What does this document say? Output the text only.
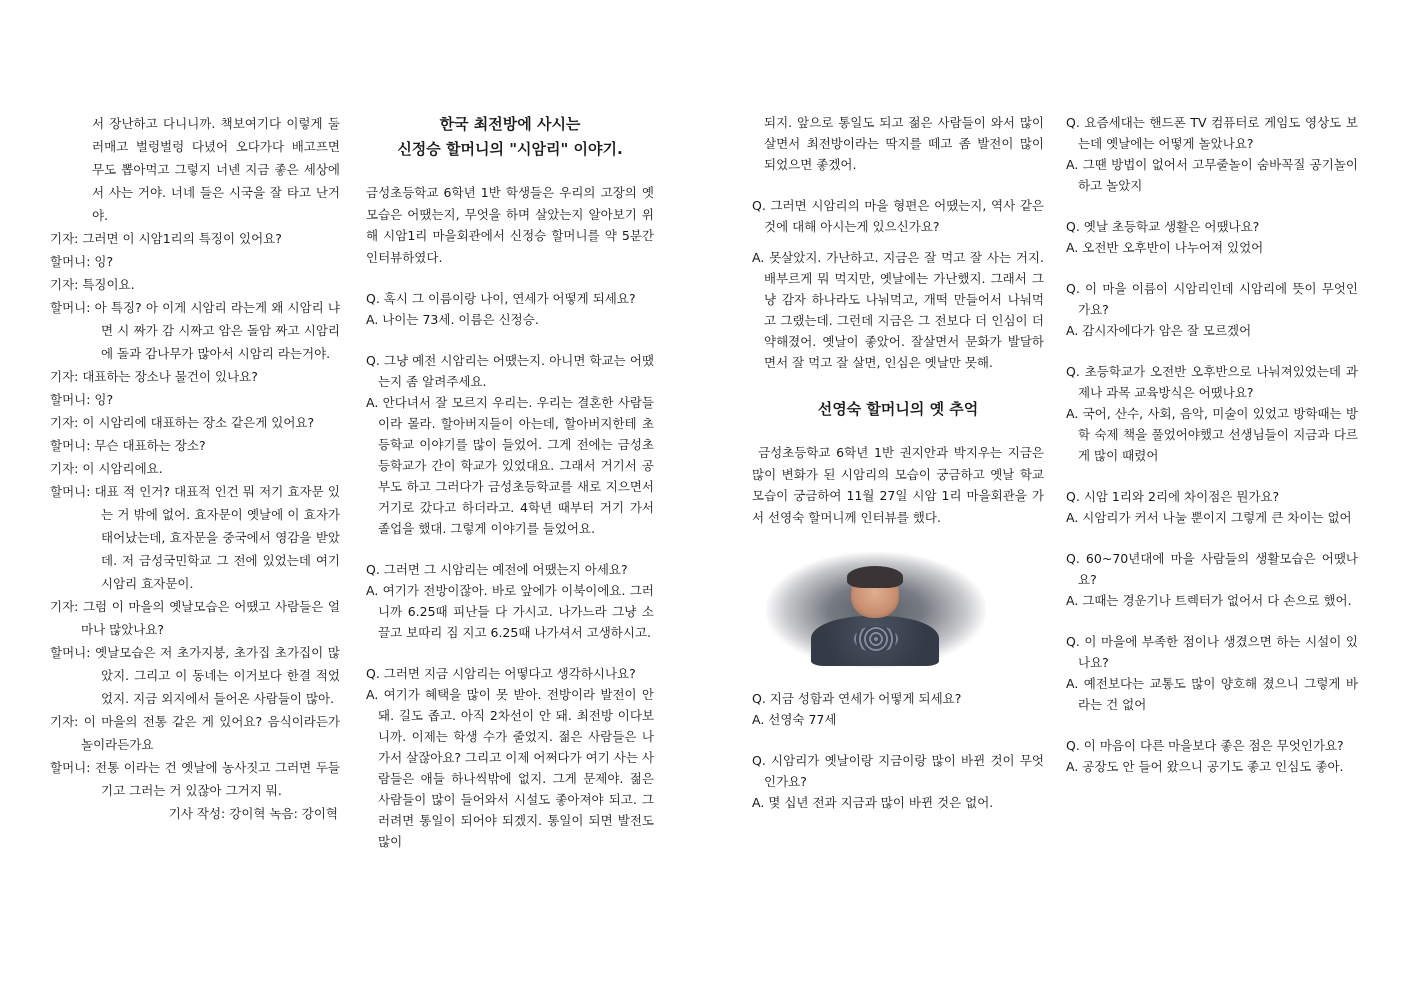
서 장난하고 다니니까. 책보여기다 이렇게 둘러매고 벌렁벌렁 다녔어 오다가다 배고프면 무도 뽑아먹고 그렇지 너넨 지금 좋은 세상에서 사는 거야. 너네 들은 시국을 잘 타고 난거야.

기자: 그러면 이 시암1리의 특징이 있어요?

할머니: 잉?

기자: 특징이요.

할머니: 아 특징? 아 이게 시암리 라는게 왜 시암리 냐면 시 짜가 감 시짜고 암은 돌암 짜고 시암리에 돌과 감나무가 많아서 시암리 라는거야.

기자: 대표하는 장소나 물건이 있나요?

할머니: 잉?

기자: 이 시암리에 대표하는 장소 같은게 있어요?

할머니: 무슨 대표하는 장소?

기자: 이 시암리에요.

할머니: 대표 적 인거? 대표적 인건 뭐 저기 효자문 있는 거 밖에 없어. 효자문이 옛날에 이 효자가 태어났는데, 효자문을 중국에서 영감을 받았데. 저 금성국민학교 그 전에 있었는데 여기 시암리 효자문이.

기자: 그럼 이 마을의 옛날모습은 어땠고 사람들은 얼마나 많았나요?

할머니: 옛날모습은 저 초가지붕, 초가집 초가집이 많았지. 그리고 이 동네는 이거보다 한결 적었었지. 지금 외지에서 들어온 사람들이 많아.

기자: 이 마을의 전통 같은 게 있어요? 음식이라든가 놀이라든가요

할머니: 전통 이라는 건 옛날에 농사짓고 그러면 두들기고 그러는 거 있잖아 그거지 뭐.

기사 작성: 강이혁 녹음: 강이혁

한국 최전방에 사시는

신정승 할머니의 "시암리" 이야기.

금성초등학교 6학년 1반 학생들은 우리의 고장의 옛 모습은 어땠는지, 무엇을 하며 살았는지 알아보기 위해 시암1리 마을회관에서 신정승 할머니를 약 5분간 인터뷰하였다.

Q. 혹시 그 이름이랑 나이, 연세가 어떻게 되세요?

A. 나이는 73세. 이름은 신정승.

Q. 그냥 예전 시암리는 어땠는지. 아니면 학교는 어땠는지 좀 알려주세요.

A. 안다녀서 잘 모르지 우리는. 우리는 결혼한 사람들이라 몰라. 할아버지들이 아는데, 할아버지한테 초등학교 이야기를 많이 들었어. 그게 전에는 금성초등학교가 간이 학교가 있었대요. 그래서 거기서 공부도 하고 그러다가 금성초등학교를 새로 지으면서 거기로 갔다고 하더라고. 4학년 때부터 거기 가서 졸업을 했대. 그렇게 이야기를 들었어요.

Q. 그러면 그 시암리는 예전에 어땠는지 아세요?

A. 여기가 전방이잖아. 바로 앞에가 이북이에요. 그러니까 6.25때 피난들 다 가시고. 나가느라 그냥 소 끌고 보따리 짐 지고 6.25때 나가셔서 고생하시고.

Q. 그러면 지금 시암리는 어떻다고 생각하시나요?

A. 여기가 혜택을 많이 못 받아. 전방이라 발전이 안 돼. 길도 좁고. 아직 2차선이 안 돼. 최전방 이다보니까. 이제는 학생 수가 줄었지. 젊은 사람들은 나가서 살잖아요? 그리고 이제 어쩌다가 여기 사는 사람들은 애들 하나씩밖에 없지. 그게 문제야. 젊은 사람들이 많이 들어와서 시설도 좋아져야 되고. 그러려면 통일이 되어야 되겠지. 통일이 되면 발전도 많이

되지. 앞으로 통일도 되고 젊은 사람들이 와서 많이 살면서 최전방이라는 딱지를 떼고 좀 발전이 많이 되었으면 좋겠어.

Q. 그러면 시암리의 마을 형편은 어땠는지, 역사 같은 것에 대해 아시는게 있으신가요?

A. 못살았지. 가난하고. 지금은 잘 먹고 잘 사는 거지. 배부르게 뭐 먹지만, 옛날에는 가난했지. 그래서 그냥 감자 하나라도 나눠먹고, 개떡 만들어서 나눠먹고 그랬는데. 그런데 지금은 그 전보다 더 인심이 더 약해졌어. 옛날이 좋았어. 잘살면서 문화가 발달하면서 잘 먹고 잘 살면, 인심은 옛날만 못해.

선영숙 할머니의 옛 추억

금성초등학교 6학년 1반 권지안과 박지우는 지금은 많이 변화가 된 시암리의 모습이 궁금하고 옛날 학교 모습이 궁금하여 11월 27일 시암 1리 마을회관을 가서 선영숙 할머니께 인터뷰를 했다.

Q. 지금 성함과 연세가 어떻게 되세요?

A. 선영숙 77세

Q. 시암리가 옛날이랑 지금이랑 많이 바뀐 것이 무엇인가요?

A. 몇 십년 전과 지금과 많이 바뀐 것은 없어.

Q. 요즘세대는 핸드폰 TV 컴퓨터로 게임도 영상도 보는데 옛날에는 어떻게 놀았나요?

A. 그땐 방법이 없어서 고무줄놀이 숨바꼭질 공기놀이하고 놀았지

Q. 옛날 초등학교 생활은 어땠나요?

A. 오전반 오후반이 나누어져 있었어

Q. 이 마을 이름이 시암리인데 시암리에 뜻이 무엇인가요?

A. 감시자에다가 암은 잘 모르겠어

Q. 초등학교가 오전반 오후반으로 나눠져있었는데 과제나 과목 교육방식은 어땠나요?

A. 국어, 산수, 사회, 음악, 미술이 있었고 방학때는 방학 숙제 책을 풀었어야했고 선생님들이 지금과 다르게 많이 때렸어

Q. 시암 1리와 2리에 차이점은 뭔가요?

A. 시암리가 커서 나눌 뿐이지 그렇게 큰 차이는 없어

Q. 60~70년대에 마을 사람들의 생활모습은 어땠나요?

A. 그때는 경운기나 트렉터가 없어서 다 손으로 했어.

Q. 이 마을에 부족한 점이나 생겼으면 하는 시설이 있나요?

A. 예전보다는 교통도 많이 양호해 졌으니 그렇게 바라는 건 없어

Q. 이 마음이 다른 마을보다 좋은 점은 무엇인가요?

A. 공장도 안 들어 왔으니 공기도 좋고 인심도 좋아.
